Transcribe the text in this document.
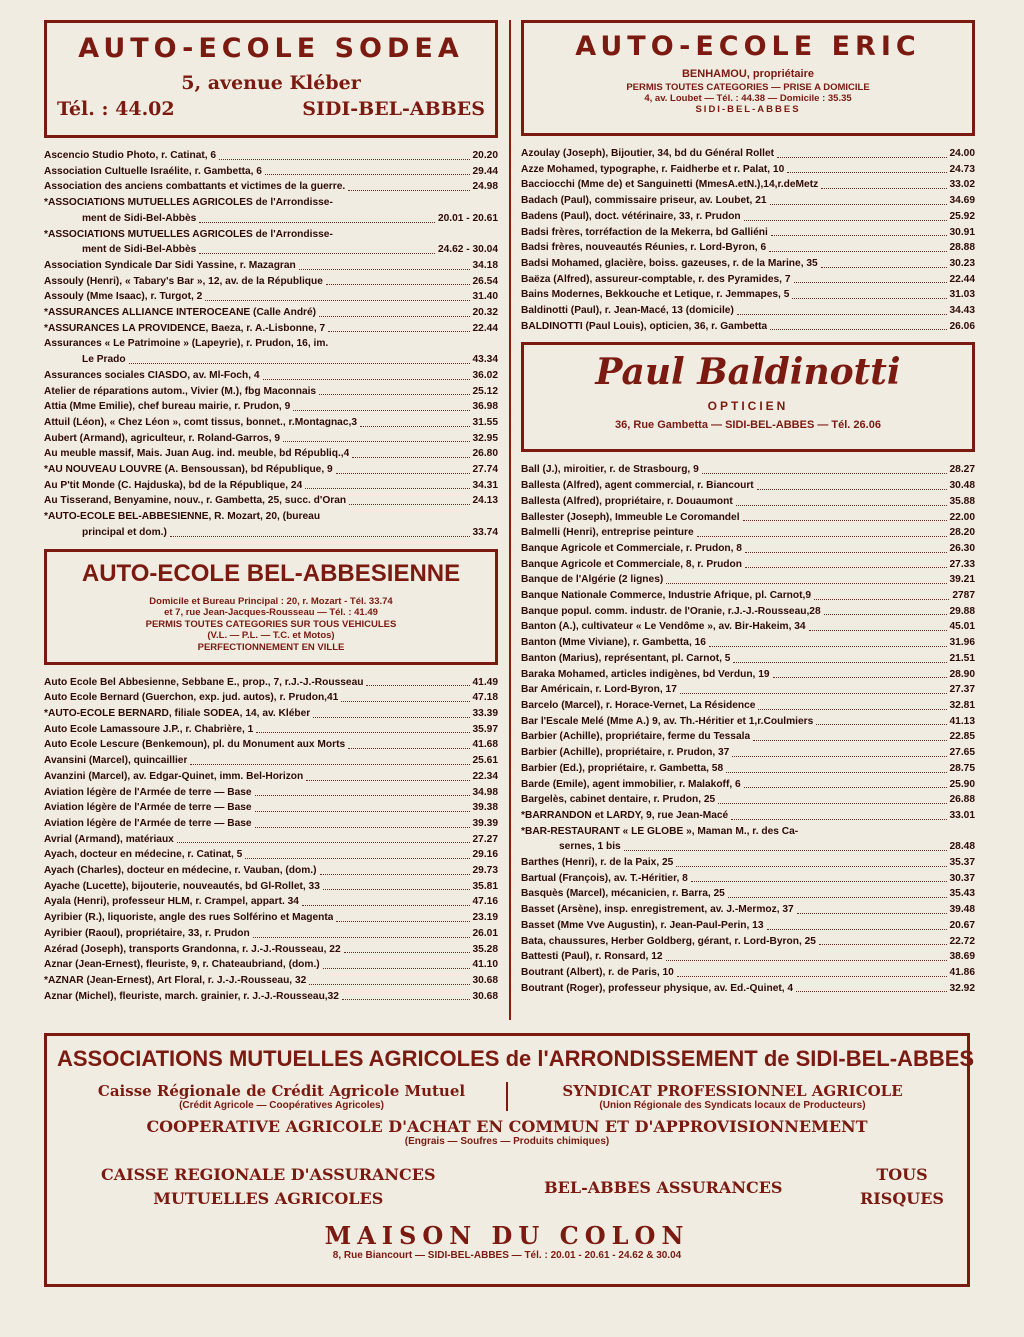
AUTO-ECOLE SODEA
5, avenue Kléber
Tél. : 44.02	SIDI-BEL-ABBES
Ascencio Studio Photo, r. Catinat, 6	20.20
Association Cultuelle Israélite, r. Gambetta, 6	29.44
Association des anciens combattants et victimes de la guerre.	24.98
*ASSOCIATIONS MUTUELLES AGRICOLES de l'Arrondisse-
ment de Sidi-Bel-Abbès	20.01 - 20.61
*ASSOCIATIONS MUTUELLES AGRICOLES de l'Arrondisse-
ment de Sidi-Bel-Abbès	24.62 - 30.04
Association Syndicale Dar Sidi Yassine, r. Mazagran	34.18
Assouly (Henri), « Tabary's Bar », 12, av. de la République	26.54
Assouly (Mme Isaac), r. Turgot, 2	31.40
*ASSURANCES ALLIANCE INTEROCEANE (Calle André)	20.32
*ASSURANCES LA PROVIDENCE, Baeza, r. A.-Lisbonne, 7	22.44
Assurances « Le Patrimoine » (Lapeyrie), r. Prudon, 16, im.
Le Prado	43.34
Assurances sociales CIASDO, av. Ml-Foch, 4	36.02
Atelier de réparations autom., Vivier (M.), fbg Maconnais	25.12
Attia (Mme Emilie), chef bureau mairie, r. Prudon, 9	36.98
Attuil (Léon), « Chez Léon », comt tissus, bonnet., r.Montagnac,3	31.55
Aubert (Armand), agriculteur, r. Roland-Garros, 9	32.95
Au meuble massif, Mais. Juan Aug. ind. meuble, bd Républiq.,4	26.80
*AU NOUVEAU LOUVRE (A. Bensoussan), bd République, 9	27.74
Au P'tit Monde (C. Hajduska), bd de la République, 24	34.31
Au Tisserand, Benyamine, nouv., r. Gambetta, 25, succ. d'Oran	24.13
*AUTO-ECOLE BEL-ABBESIENNE, R. Mozart, 20, (bureau
principal et dom.)	33.74
AUTO-ECOLE BEL-ABBESIENNE
Domicile et Bureau Principal : 20, r. Mozart - Tél. 33.74
et 7, rue Jean-Jacques-Rousseau — Tél. : 41.49
PERMIS TOUTES CATEGORIES SUR TOUS VEHICULES
(V.L. — P.L. — T.C. et Motos)
PERFECTIONNEMENT EN VILLE
Auto Ecole Bel Abbesienne, Sebbane E., prop., 7, r.J.-J.-Rousseau	41.49
Auto Ecole Bernard (Guerchon, exp. jud. autos), r. Prudon,41	47.18
*AUTO-ECOLE BERNARD, filiale SODEA, 14, av. Kléber	33.39
Auto Ecole Lamassoure J.P., r. Chabrière, 1	35.97
Auto Ecole Lescure (Benkemoun), pl. du Monument aux Morts	41.68
Avansini (Marcel), quincaillier	25.61
Avanzini (Marcel), av. Edgar-Quinet, imm. Bel-Horizon	22.34
Aviation légère de l'Armée de terre — Base	34.98
Aviation légère de l'Armée de terre — Base	39.38
Aviation légère de l'Armée de terre — Base	39.39
Avrial (Armand), matériaux	27.27
Ayach, docteur en médecine, r. Catinat, 5	29.16
Ayach (Charles), docteur en médecine, r. Vauban, (dom.)	29.73
Ayache (Lucette), bijouterie, nouveautés, bd Gl-Rollet, 33	35.81
Ayala (Henri), professeur HLM, r. Crampel, appart. 34	47.16
Ayribier (R.), liquoriste, angle des rues Solférino et Magenta	23.19
Ayribier (Raoul), propriétaire, 33, r. Prudon	26.01
Azérad (Joseph), transports Grandonna, r. J.-J.-Rousseau, 22	35.28
Aznar (Jean-Ernest), fleuriste, 9, r. Chateaubriand, (dom.)	41.10
*AZNAR (Jean-Ernest), Art Floral, r. J.-J.-Rousseau, 32	30.68
Aznar (Michel), fleuriste, march. grainier, r. J.-J.-Rousseau,32	30.68
AUTO-ECOLE ERIC
BENHAMOU, propriétaire
PERMIS TOUTES CATEGORIES — PRISE A DOMICILE
4, av. Loubet — Tél. : 44.38 — Domicile : 35.35
SIDI-BEL-ABBES
Azoulay (Joseph), Bijoutier, 34, bd du Général Rollet	24.00
Azze Mohamed, typographe, r. Faidherbe et r. Palat, 10	24.73
Bacciocchi (Mme de) et Sanguinetti (MmesA.etN.),14,r.deMetz	33.02
Badach (Paul), commissaire priseur, av. Loubet, 21	34.69
Badens (Paul), doct. vétérinaire, 33, r. Prudon	25.92
Badsi frères, torréfaction de la Mekerra, bd Galliéni	30.91
Badsi frères, nouveautés Réunies, r. Lord-Byron, 6	28.88
Badsi Mohamed, glacière, boiss. gazeuses, r. de la Marine, 35	30.23
Baëza (Alfred), assureur-comptable, r. des Pyramides, 7	22.44
Bains Modernes, Bekkouche et Letique, r. Jemmapes, 5	31.03
Baldinotti (Paul), r. Jean-Macé, 13 (domicile)	34.43
BALDINOTTI (Paul Louis), opticien, 36, r. Gambetta	26.06
Paul Baldinotti
OPTICIEN
36, Rue Gambetta — SIDI-BEL-ABBES — Tél. 26.06
Ball (J.), miroitier, r. de Strasbourg, 9	28.27
Ballesta (Alfred), agent commercial, r. Biancourt	30.48
Ballesta (Alfred), propriétaire, r. Douaumont	35.88
Ballester (Joseph), Immeuble Le Coromandel	22.00
Balmelli (Henri), entreprise peinture	28.20
Banque Agricole et Commerciale, r. Prudon, 8	26.30
Banque Agricole et Commerciale, 8, r. Prudon	27.33
Banque de l'Algérie (2 lignes)	39.21
Banque Nationale Commerce, Industrie Afrique, pl. Carnot,9	2787
Banque popul. comm. industr. de l'Oranie, r.J.-J.-Rousseau,28	29.88
Banton (A.), cultivateur « Le Vendôme », av. Bir-Hakeim, 34	45.01
Banton (Mme Viviane), r. Gambetta, 16	31.96
Banton (Marius), représentant, pl. Carnot, 5	21.51
Baraka Mohamed, articles indigènes, bd Verdun, 19	28.90
Bar Américain, r. Lord-Byron, 17	27.37
Barcelo (Marcel), r. Horace-Vernet, La Résidence	32.81
Bar l'Escale Melé (Mme A.) 9, av. Th.-Héritier et 1,r.Coulmiers	41.13
Barbier (Achille), propriétaire, ferme du Tessala	22.85
Barbier (Achille), propriétaire, r. Prudon, 37	27.65
Barbier (Ed.), propriétaire, r. Gambetta, 58	28.75
Barde (Emile), agent immobilier, r. Malakoff, 6	25.90
Bargelès, cabinet dentaire, r. Prudon, 25	26.88
*BARRANDON et LARDY, 9, rue Jean-Macé	33.01
*BAR-RESTAURANT « LE GLOBE », Maman M., r. des Ca-
sernes, 1 bis	28.48
Barthes (Henri), r. de la Paix, 25	35.37
Bartual (François), av. T.-Héritier, 8	30.37
Basquès (Marcel), mécanicien, r. Barra, 25	35.43
Basset (Arsène), insp. enregistrement, av. J.-Mermoz, 37	39.48
Basset (Mme Vve Augustin), r. Jean-Paul-Perin, 13	20.67
Bata, chaussures, Herber Goldberg, gérant, r. Lord-Byron, 25	22.72
Battesti (Paul), r. Ronsard, 12	38.69
Boutrant (Albert), r. de Paris, 10	41.86
Boutrant (Roger), professeur physique, av. Ed.-Quinet, 4	32.92
ASSOCIATIONS MUTUELLES AGRICOLES de l'ARRONDISSEMENT de SIDI-BEL-ABBES
Caisse Régionale de Crédit Agricole Mutuel
(Crédit Agricole — Coopératives Agricoles)
SYNDICAT PROFESSIONNEL AGRICOLE
(Union Régionale des Syndicats locaux de Producteurs)
COOPERATIVE AGRICOLE D'ACHAT EN COMMUN ET D'APPROVISIONNEMENT
(Engrais — Soufres — Produits chimiques)
CAISSE REGIONALE D'ASSURANCES
MUTUELLES AGRICOLES
BEL-ABBES ASSURANCES
TOUS
RISQUES
MAISON DU COLON
8, Rue Biancourt — SIDI-BEL-ABBES — Tél. : 20.01 - 20.61 - 24.62 & 30.04
